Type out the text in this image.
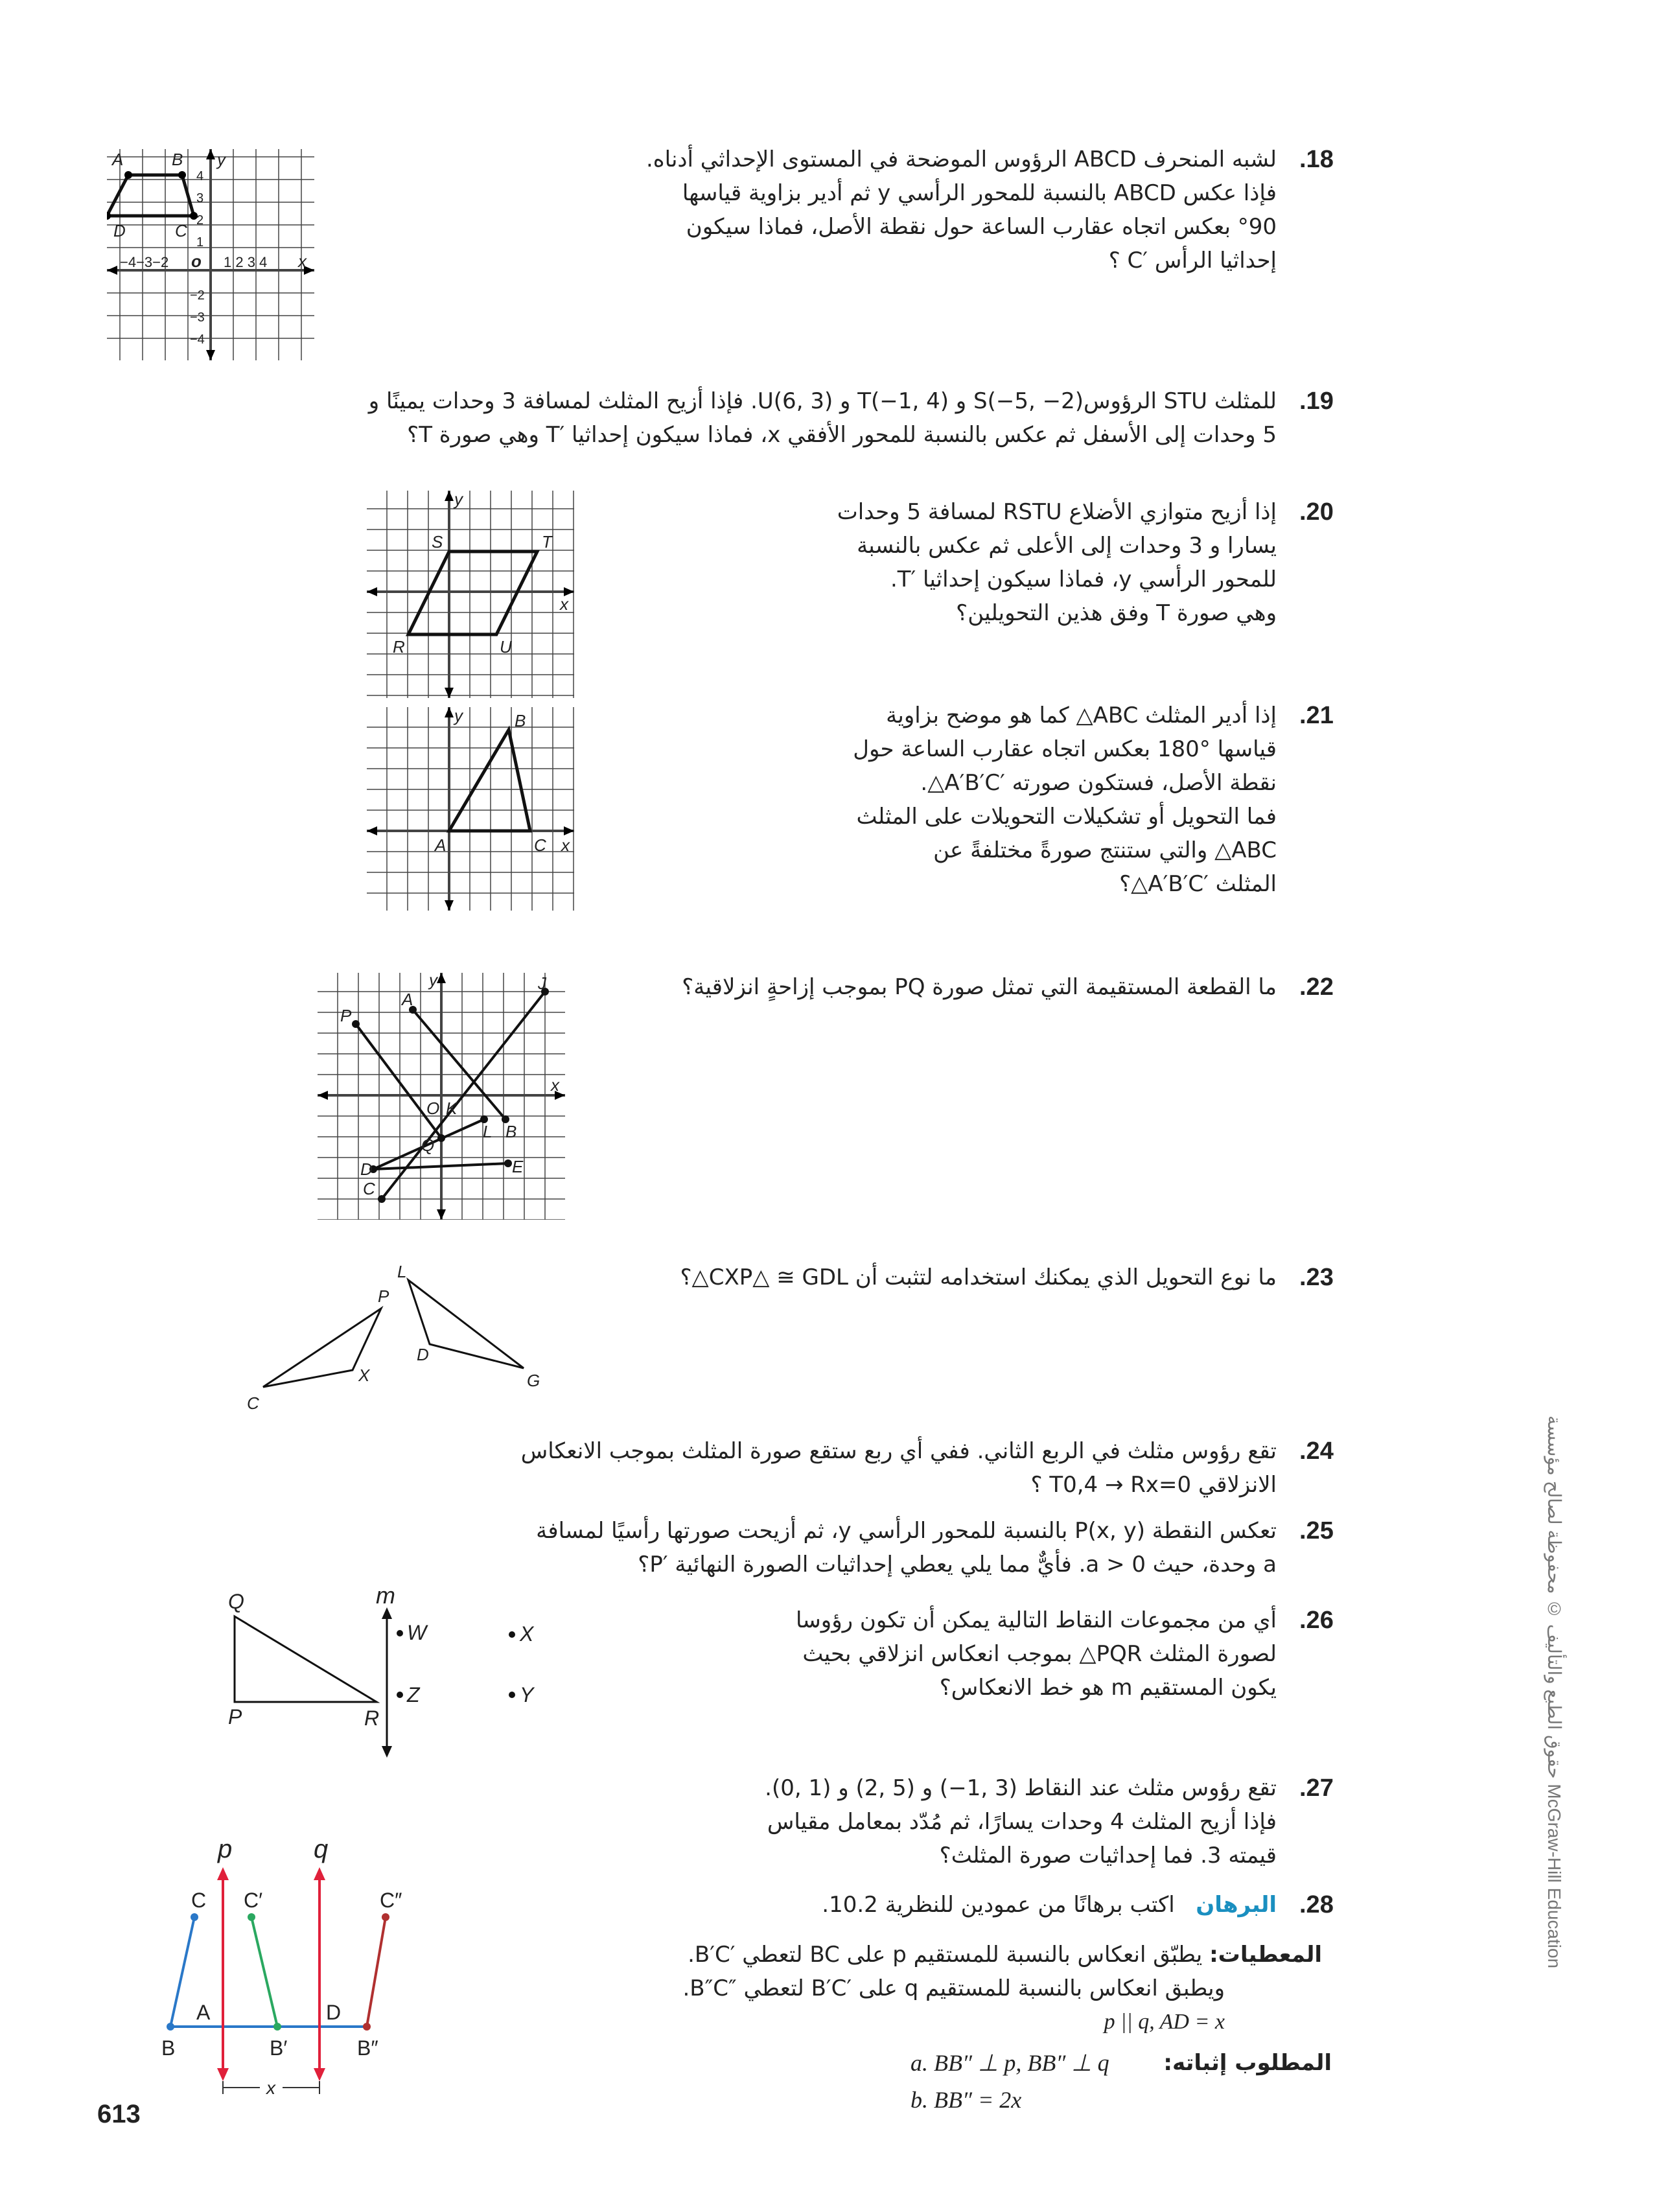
.18
لشبه المنحرف ABCD الرؤوس الموضحة في المستوى الإحداثي أدناه.
فإذا عكس ABCD بالنسبة للمحور الرأسي y ثم أدير بزاوية قياسها
°90 بعكس اتجاه عقارب الساعة حول نقطة الأصل، فماذا سيكون
إحداثيا الرأس ′C ؟
A	B
C
D
y
x
o
−4−3−2	1 2 3 4
4
3
2
1
−2
−3
−4
.19
للمثلث STU الرؤوس(2− ,5−)S و (4 ,1−)T و (3 ,6)U. فإذا أزيح المثلث لمسافة 3 وحدات يمينًا و
5 وحدات إلى الأسفل ثم عكس بالنسبة للمحور الأفقي x، فماذا سيكون إحداثيا ′T وهي صورة T؟
.20
إذا أزيح متوازي الأضلاع RSTU لمسافة 5 وحدات
يسارا و 3 وحدات إلى الأعلى ثم عكس بالنسبة
للمحور الرأسي y، فماذا سيكون إحداثيا ′T.
وهي صورة T وفق هذين التحويلين؟
S	T
R	U
y
x
.21
إذا أدير المثلث ABC△ كما هو موضح بزاوية
قياسها °180 بعكس اتجاه عقارب الساعة حول
نقطة الأصل، فستكون صورته ′A′B′C△.
فما التحويل أو تشكيلات التحويلات على المثلث
ABC△ والتي ستنتج صورةً مختلفةً عن
المثلث ′A′B′C△؟
A
B
C
y
x
.22
ما القطعة المستقيمة التي تمثل صورة PQ بموجب إزاحةٍ انزلاقية؟
P
A
J
O K
L B
Q
D	E
C
y
x
.23
ما نوع التحويل الذي يمكنك استخدامه لتثبت أن CXP△ ≅ GDL△؟
C
P
X
L
D
G
.24
تقع رؤوس مثلث في الربع الثاني. ففي أي ربع ستقع صورة المثلث بموجب الانعكاس
الانزلاقي T0,4 → Rx=0 ؟
.25
تعكس النقطة P(x, y) بالنسبة للمحور الرأسي y، ثم أزيحت صورتها رأسيًا لمسافة
a وحدة، حيث a > 0. فأيٌّ مما يلي يعطي إحداثيات الصورة النهائية ′P؟
.26
أي من مجموعات النقاط التالية يمكن أن تكون رؤوسا
لصورة المثلث PQR△ بموجب انعكاس انزلاقي بحيث
يكون المستقيم m هو خط الانعكاس؟
Q
P	R
m
W	X
Z	Y
.27
تقع رؤوس مثلث عند النقاط (3 ,1−) و (5 ,2) و (1 ,0).
فإذا أزيح المثلث 4 وحدات يسارًا، ثم مُدّد بمعامل مقياس
قيمته 3. فما إحداثيات صورة المثلث؟
.28
البرهان   اكتب برهانًا من عمودين للنظرية 10.2.
المعطيات: يطبّق انعكاس بالنسبة للمستقيم p على BC لتعطي ′B′C.
ويطبق انعكاس بالنسبة للمستقيم q على ′B′C لتعطي ″B″C.
p || q, AD = x
المطلوب إثباته:
a. BB″ ⊥ p, BB″ ⊥ q
b. BB″ = 2x
p	q
C C′	C″
A	D
B	B′	B″
x
613
حقوق الطبع والتأليف © محفوظة لصالح مؤسسة McGraw-Hill Education
